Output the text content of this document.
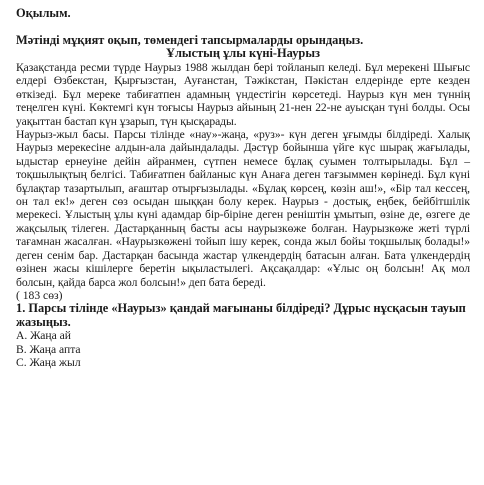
Оқылым.
Мәтінді мұқият оқып, төмендегі тапсырмаларды орындаңыз.
Ұлыстың ұлы күні-Наурыз

Қазақстанда ресми түрде Наурыз 1988 жылдан бері тойланып келеді. Бұл мерекені Шығыс елдері Өзбекстан, Қырғызстан, Ауғанстан, Тәжікстан, Пәкістан елдерінде ерте кезден өткізеді. Бұл мереке табиғатпен адамның үндестігін көрсетеді. Наурыз күн мен түннің теңелген күні. Көктемгі күн тоғысы Наурыз айының 21-нен 22-не ауысқан түні болды. Осы уақыттан бастап күн ұзарып, түн қысқарады.

Наурыз-жыл басы. Парсы тілінде «нау»-жаңа, «руз»- күн деген ұғымды білдіреді. Халық Наурыз мерекесіне алдын-ала дайындалады. Дәстүр бойынша үйге күс шырақ жағылады, ыдыстар ернеуіне дейін айранмен, сүтпен немесе бұлақ суымен толтырылады. Бұл – тоқшылықтың белгісі. Табиғатпен байланыс күн Анаға деген тағзыммен көрінеді. Бұл күні бұлақтар тазартылып, ағаштар отырғызылады. «Бұлақ көрсең, көзін аш!», «Бір тал кессең, он тал ек!» деген сөз осыдан шыққан болу керек. Наурыз - достық, еңбек, бейбітшілік мерекесі. Ұлыстың ұлы күні адамдар бір-біріне деген реніштін ұмытып, өзіне де, өзгеге де жақсылық тілеген. Дастарқанның басты асы наурызкөже болған. Наурызкөже жеті түрлі тағамнан жасалған. «Наурызкөжені тойып ішу керек, сонда жыл бойы тоқшылық болады!» деген сенім бар. Дастарқан басында жастар үлкендердің батасын алған. Бата үлкендердің өзінен жасы кішілерге беретін ықыластылегі. Ақсақалдар: «Ұлыс оң болсын! Ақ мол болсын, қайда барса жол болсын!» деп бата береді.

( 183 сөз)
1. Парсы тілінде «Наурыз» қандай мағынаны білдіреді? Дұрыс нұсқасын тауып жазыңыз.
А. Жаңа ай
В. Жаңа апта
С. Жаңа жыл
